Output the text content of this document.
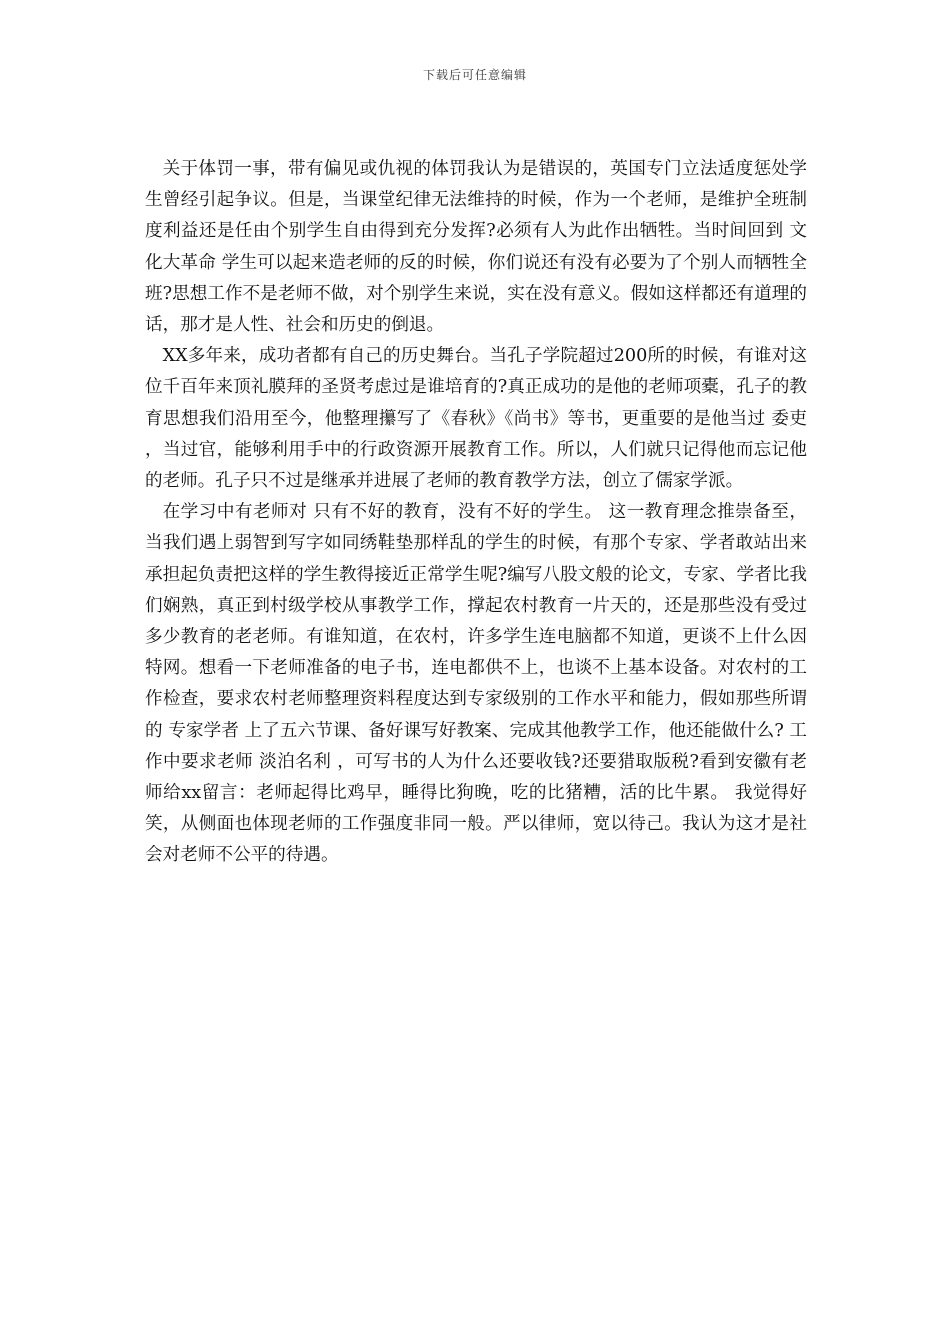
下载后可任意编辑

关于体罚一事，带有偏见或仇视的体罚我认为是错误的，英国专门立法适度惩处学生曾经引起争议。但是，当课堂纪律无法维持的时候，作为一个老师，是维护全班制度利益还是任由个别学生自由得到充分发挥?必须有人为此作出牺牲。当时间回到 文化大革命 学生可以起来造老师的反的时候，你们说还有没有必要为了个别人而牺牲全班?思想工作不是老师不做，对个别学生来说，实在没有意义。假如这样都还有道理的话，那才是人性、社会和历史的倒退。

XX多年来，成功者都有自己的历史舞台。当孔子学院超过200所的时候，有谁对这位千百年来顶礼膜拜的圣贤考虑过是谁培育的?真正成功的是他的老师项橐，孔子的教育思想我们沿用至今，他整理攥写了《春秋》《尚书》等书，更重要的是他当过 委吏 ，当过官，能够利用手中的行政资源开展教育工作。所以，人们就只记得他而忘记他的老师。孔子只不过是继承并进展了老师的教育教学方法，创立了儒家学派。

在学习中有老师对 只有不好的教育，没有不好的学生。 这一教育理念推崇备至，当我们遇上弱智到写字如同绣鞋垫那样乱的学生的时候，有那个专家、学者敢站出来承担起负责把这样的学生教得接近正常学生呢?编写八股文般的论文，专家、学者比我们娴熟，真正到村级学校从事教学工作，撑起农村教育一片天的，还是那些没有受过多少教育的老老师。有谁知道，在农村，许多学生连电脑都不知道，更谈不上什么因特网。想看一下老师准备的电子书，连电都供不上，也谈不上基本设备。对农村的工作检查，要求农村老师整理资料程度达到专家级别的工作水平和能力，假如那些所谓的 专家学者 上了五六节课、备好课写好教案、完成其他教学工作，他还能做什么? 工作中要求老师 淡泊名利 ，可写书的人为什么还要收钱?还要猎取版税?看到安徽有老师给xx留言：老师起得比鸡早，睡得比狗晚，吃的比猪糟，活的比牛累。 我觉得好笑，从侧面也体现老师的工作强度非同一般。严以律师，宽以待己。我认为这才是社会对老师不公平的待遇。
